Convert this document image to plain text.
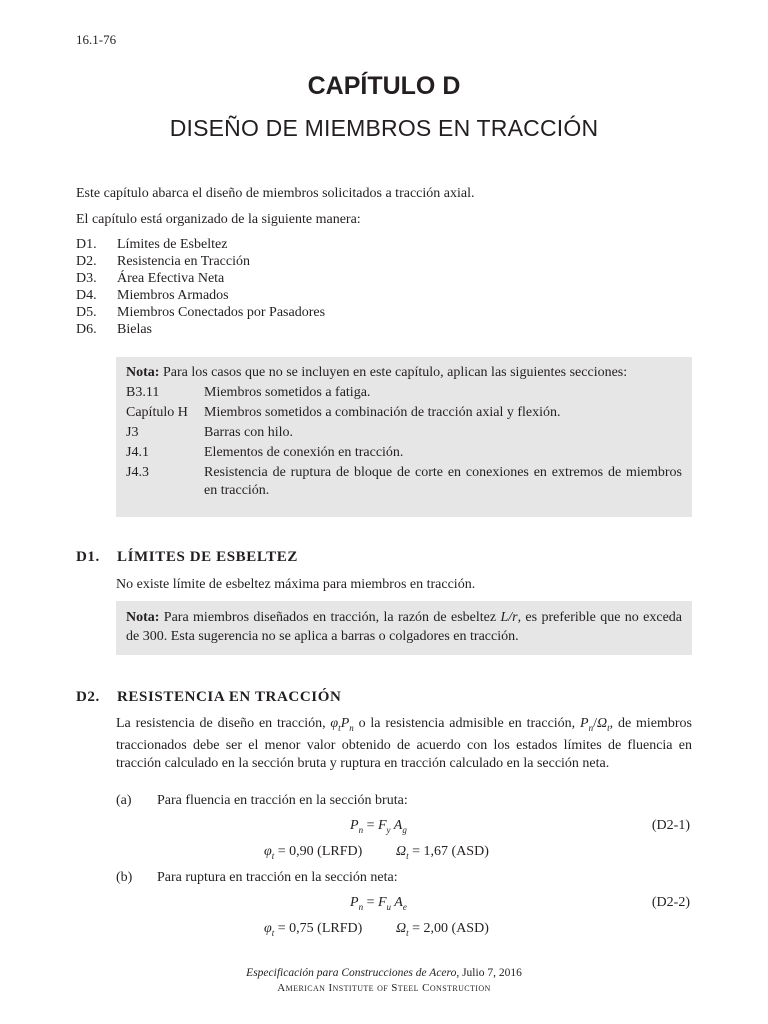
16.1-76
CAPÍTULO D
DISEÑO DE MIEMBROS EN TRACCIÓN
Este capítulo abarca el diseño de miembros solicitados a tracción axial.
El capítulo está organizado de la siguiente manera:
D1.	Límites de Esbeltez
D2.	Resistencia en Tracción
D3.	Área Efectiva Neta
D4.	Miembros Armados
D5.	Miembros Conectados por Pasadores
D6.	Bielas
Nota: Para los casos que no se incluyen en este capítulo, aplican las siguientes secciones:
B3.11	Miembros sometidos a fatiga.
Capítulo H	Miembros sometidos a combinación de tracción axial y flexión.
J3	Barras con hilo.
J4.1	Elementos de conexión en tracción.
J4.3	Resistencia de ruptura de bloque de corte en conexiones en extremos de miembros en tracción.
D1.	LÍMITES DE ESBELTEZ
No existe límite de esbeltez máxima para miembros en tracción.
Nota: Para miembros diseñados en tracción, la razón de esbeltez L/r, es preferible que no exceda de 300. Esta sugerencia no se aplica a barras o colgadores en tracción.
D2.	RESISTENCIA EN TRACCIÓN
La resistencia de diseño en tracción, $\varphi_tP_n$ o la resistencia admisible en tracción, $P_n/\Omega_t$, de miembros traccionados debe ser el menor valor obtenido de acuerdo con los estados límites de fluencia en tracción calculado en la sección bruta y ruptura en tracción calculado en la sección neta.
(a)	Para fluencia en tracción en la sección bruta:
$P_n = F_y$ $A_g$	(D2-1)
$\varphi_t = 0,90$ (LRFD) $\Omega_t = 1,67$ (ASD)
(b)	Para ruptura en tracción en la sección neta:
$P_n = F_u$ $A_e$	(D2-2)
$\varphi_t = 0,75$ (LRFD) $\Omega_t = 2,00$ (ASD)
Especificación para Construcciones de Acero, Julio 7, 2016
American Institute of Steel Construction
